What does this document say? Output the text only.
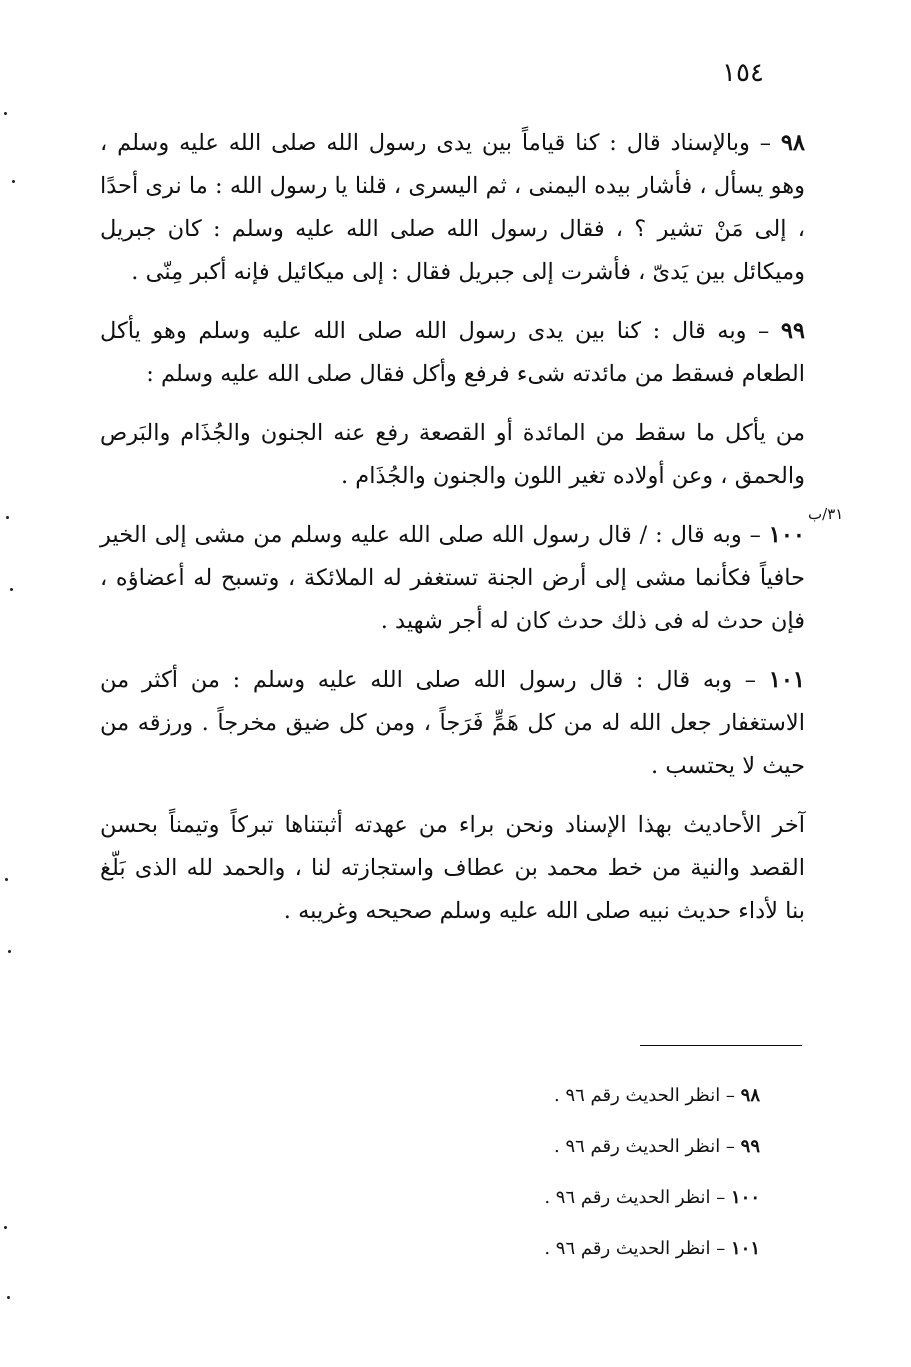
١٥٤
٣١/ب

٩٨ – وبالإسناد قال : كنا قياماً بين يدى رسول الله صلى الله عليه وسلم ، وهو يسأل ، فأشار بيده اليمنى ، ثم اليسرى ، قلنا يا رسول الله : ما نرى أحدًا ، إلى مَنْ تشير ؟ ، فقال رسول الله صلى الله عليه وسلم : كان جبريل وميكائل بين يَدىّ ، فأشرت إلى جبريل فقال : إلى ميكائيل فإنه أكبر مِنّى .

٩٩ – وبه قال : كنا بين يدى رسول الله صلى الله عليه وسلم وهو يأكل الطعام فسقط من مائدته شىء فرفع وأكل فقال صلى الله عليه وسلم :

من يأكل ما سقط من المائدة أو القصعة رفع عنه الجنون والجُذَام والبَرص والحمق ، وعن أولاده تغير اللون والجنون والجُذَام .

١٠٠ – وبه قال : / قال رسول الله صلى الله عليه وسلم من مشى إلى الخير حافياً فكأنما مشى إلى أرض الجنة تستغفر له الملائكة ، وتسبح له أعضاؤه ، فإن حدث له فى ذلك حدث كان له أجر شهيد .

١٠١ – وبه قال : قال رسول الله صلى الله عليه وسلم : من أكثر من الاستغفار جعل الله له من كل هَمٍّ فَرَجاً ، ومن كل ضيق مخرجاً . ورزقه من حيث لا يحتسب .

آخر الأحاديث بهذا الإسناد ونحن براء من عهدته أثبتناها تبركاً وتيمناً بحسن القصد والنية من خط محمد بن عطاف واستجازته لنا ، والحمد لله الذى بَلّغ بنا لأداء حديث نبيه صلى الله عليه وسلم صحيحه وغريبه .

٩٨ – انظر الحديث رقم ٩٦ .

٩٩ – انظر الحديث رقم ٩٦ .

١٠٠ – انظر الحديث رقم ٩٦ .

١٠١ – انظر الحديث رقم ٩٦ .
